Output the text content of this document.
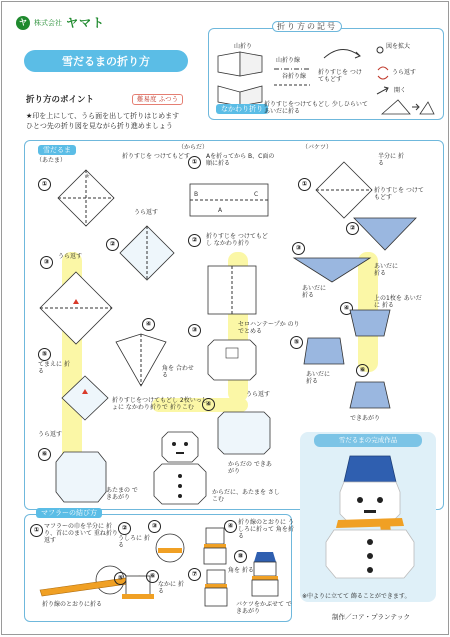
ヤ	株式会社 ヤマト
雪だるまの折り方
折り方の記号
山折り
山折り線
谷折り線
折りすじを つけてもどす
図を拡大
うら返す
開く
なかわり折り
折りすじをつけてもどし 少しひらいて あいだに折る
折り方のポイント	難易度 ふつう
★印を上にして、うら面を出して折りはじめます
ひとつ先の折り図を見ながら折り進めましょう
雪だるま
（あたま）
（からだ）	（バケツ）
①
★
折りすじを つけてもどす
②
うら返す
③
うら返す
④
⑤
てまえに 折る	角を 合わせる
折りすじをつけてもどし 2枚いっしょに なかわり折りで 折りこむ
うら返す
⑥
あたまの できあがり
①
Aを折ってから B、C面の順に折る
B	C
A
②	折りすじを つけてもどし なかわり折り
③
セロハンテープか のりでとめる
うら返す
④
からだの できあがり
からだに、あたまを さしこむ
①
半分に 折る
②
折りすじを つけてもどす
③
あいだに 折る
あいだに 折る
④
上の1枚を あいだに 折る
⑤
あいだに 折る
⑥
できあがり
雪だるまの完成作品
※中よりに立てて 飾ることができます。
マフラーの結び方
① マフラーの巾を半分に 折り、首にのまいて 重ね折り返す
折り線のとおりに折る
②
うしろに 折る
③	④ 折り線のとおりに うしろに折って 角を折る
⑤	⑥
なかに 折る
⑦	角を 折る
⑧
バケツをかぶせて できあがり
制作／コア・プランテック
